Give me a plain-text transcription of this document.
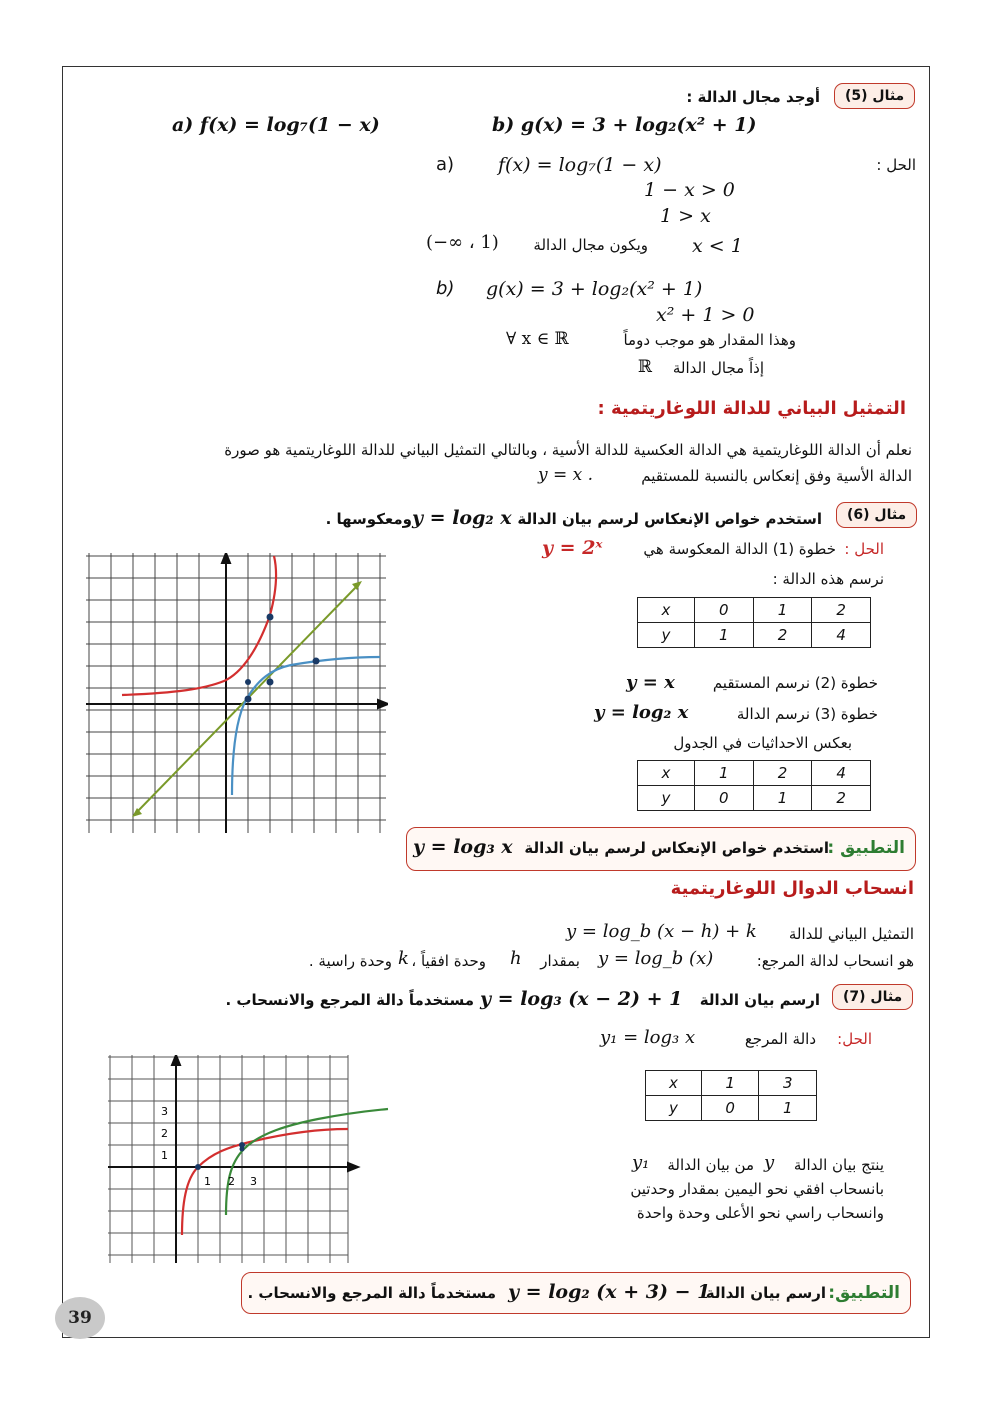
مثال (5)
أوجد مجال الدالة :
a) f(x) = log₇(1 − x)	b) g(x) = 3 + log₂(x² + 1)
الحل :
a) f(x) = log₇(1 − x)
1 − x > 0
1 > x
x < 1
ويكون مجال الدالة
(−∞ ، 1)
b) g(x) = 3 + log₂(x² + 1)
x² + 1 > 0
وهذا المقدار هو موجب دوماً
∀ x ∈ ℝ
إذاً مجال الدالة
ℝ
التمثيل البياني للدالة اللوغاريتمية :
نعلم أن الدالة اللوغاريتمية هي الدالة العكسية للدالة الأسية ، وبالتالي التمثيل البياني للدالة اللوغاريتمية هو صورة
الدالة الأسية وفق إنعكاس بالنسبة للمستقيم
y = x .
مثال (6)
استخدم خواص الإنعكاس لرسم بيان الدالة
y = log₂ x
ومعكوسها .
الحل :
خطوة (1) الدالة المعكوسة هي
y = 2ˣ
نرسم هذه الدالة :
x	0	1	2
y	1	2	4
خطوة (2) نرسم المستقيم
y = x
خطوة (3) نرسم الدالة
y = log₂ x
بعكس الاحداثيات في الجدول
x	1	2	4
y	0	1	2
التطبيق :
استخدم خواص الإنعكاس لرسم بيان الدالة
y = log₃ x
انسحاب الدوال اللوغاريتمية
التمثيل البياني للدالة
y = log_b (x − h) + k
هو انسحاب لدالة المرجع:
y = log_b (x)
بمقدار
h
وحدة افقياً ،
k
وحدة راسية .
مثال (7)
ارسم بيان الدالة
y = log₃ (x − 2) + 1
مستخدماً دالة المرجع والانسحاب .
الحل:
دالة المرجع
y₁ = log₃ x
x	1	3
y	0	1
ينتج بيان الدالة
y
من بيان الدالة
y₁
بانسحاب افقي نحو اليمين بمقدار وحدتين
وانسحاب راسي نحو الأعلى وحدة واحدة
3
2
1
1 2 3
التطبيق:
ارسم بيان الدالة
y = log₂ (x + 3) − 1
مستخدماً دالة المرجع والانسحاب .
39
